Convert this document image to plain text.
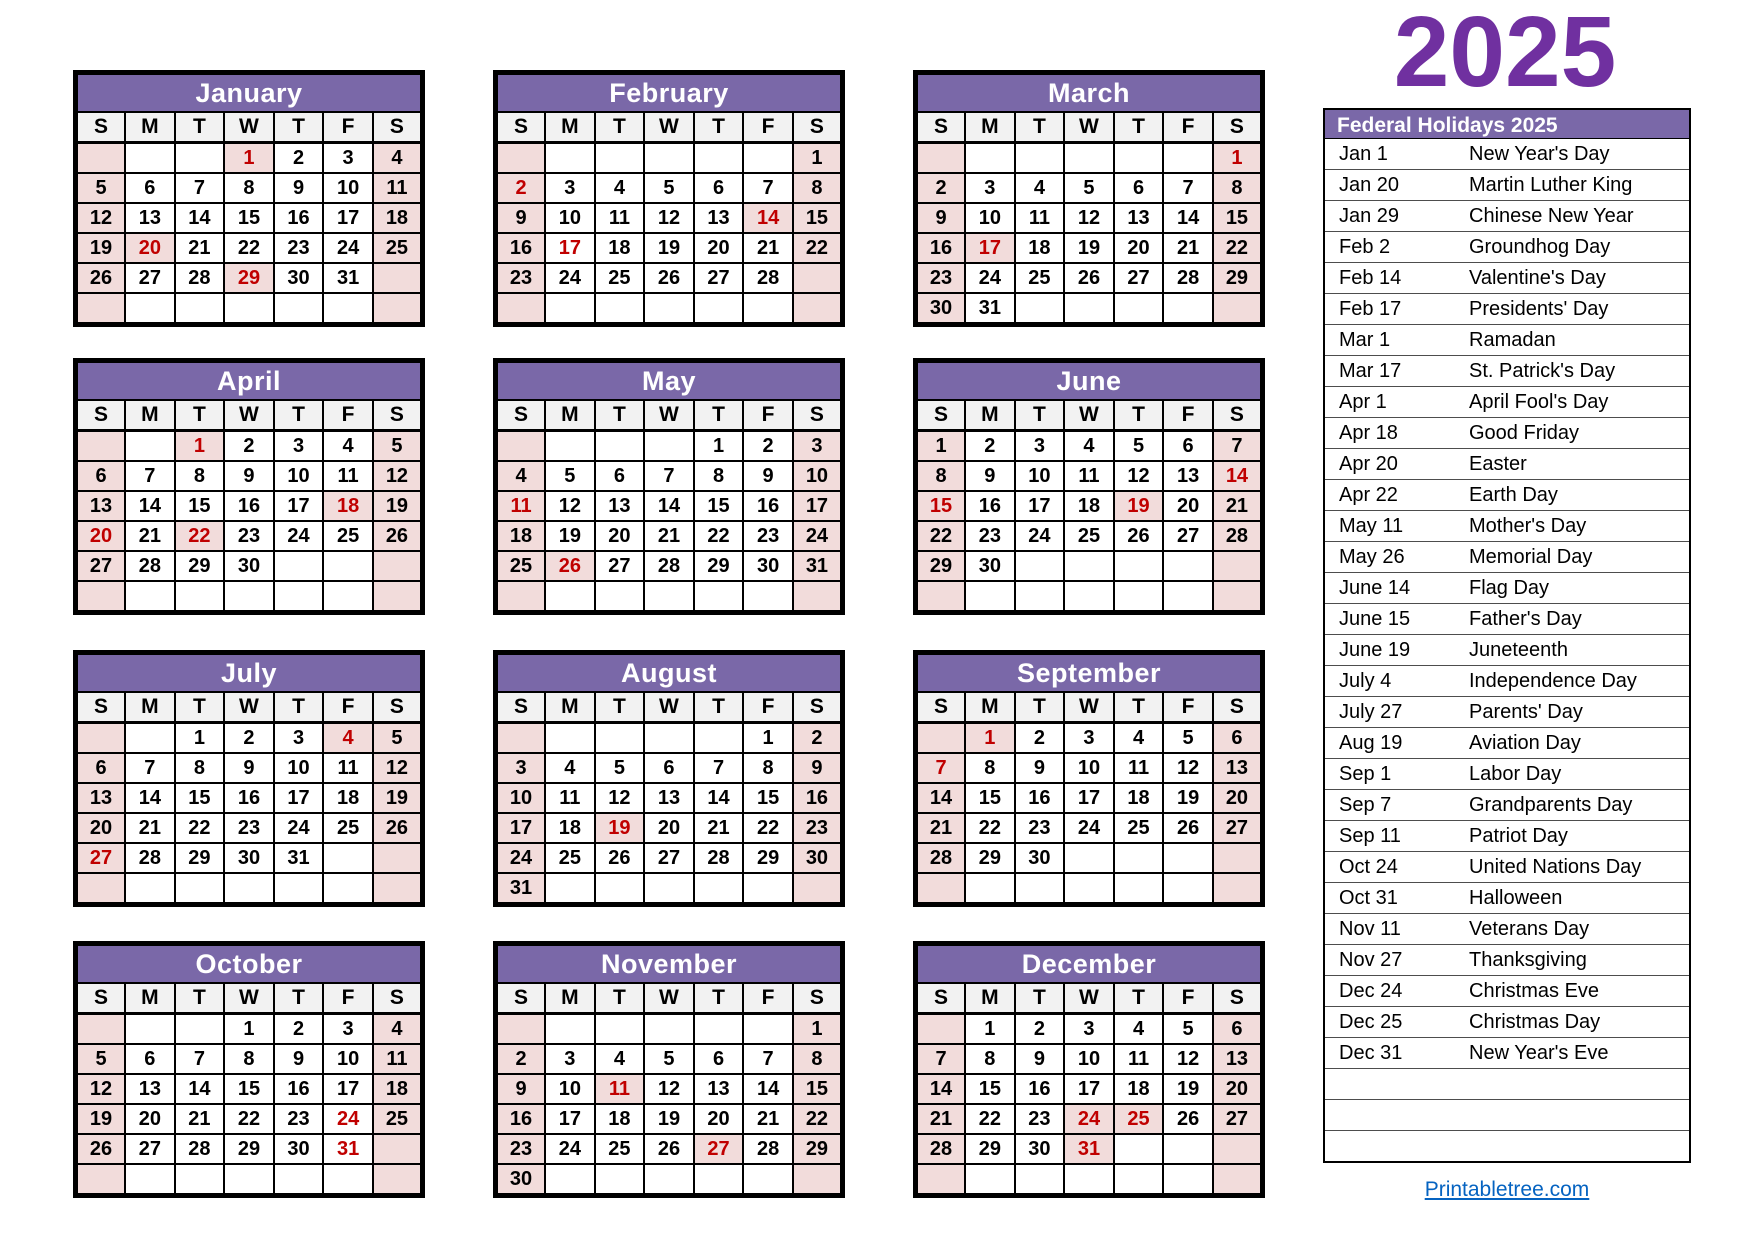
2025
January						
S	M	T	W	T	F	S
			1	2	3	4
5	6	7	8	9	10	11
12	13	14	15	16	17	18
19	20	21	22	23	24	25
26	27	28	29	30	31	

February						
S	M	T	W	T	F	S
						1
2	3	4	5	6	7	8
9	10	11	12	13	14	15
16	17	18	19	20	21	22
23	24	25	26	27	28	

March						
S	M	T	W	T	F	S
						1
2	3	4	5	6	7	8
9	10	11	12	13	14	15
16	17	18	19	20	21	22
23	24	25	26	27	28	29
30	31					
April						
S	M	T	W	T	F	S
		1	2	3	4	5
6	7	8	9	10	11	12
13	14	15	16	17	18	19
20	21	22	23	24	25	26
27	28	29	30			

May						
S	M	T	W	T	F	S
				1	2	3
4	5	6	7	8	9	10
11	12	13	14	15	16	17
18	19	20	21	22	23	24
25	26	27	28	29	30	31

June						
S	M	T	W	T	F	S
1	2	3	4	5	6	7
8	9	10	11	12	13	14
15	16	17	18	19	20	21
22	23	24	25	26	27	28
29	30					

July						
S	M	T	W	T	F	S
		1	2	3	4	5
6	7	8	9	10	11	12
13	14	15	16	17	18	19
20	21	22	23	24	25	26
27	28	29	30	31		

August						
S	M	T	W	T	F	S
					1	2
3	4	5	6	7	8	9
10	11	12	13	14	15	16
17	18	19	20	21	22	23
24	25	26	27	28	29	30
31						
September						
S	M	T	W	T	F	S
	1	2	3	4	5	6
7	8	9	10	11	12	13
14	15	16	17	18	19	20
21	22	23	24	25	26	27
28	29	30				

October						
S	M	T	W	T	F	S
			1	2	3	4
5	6	7	8	9	10	11
12	13	14	15	16	17	18
19	20	21	22	23	24	25
26	27	28	29	30	31	

November						
S	M	T	W	T	F	S
						1
2	3	4	5	6	7	8
9	10	11	12	13	14	15
16	17	18	19	20	21	22
23	24	25	26	27	28	29
30						
December						
S	M	T	W	T	F	S
	1	2	3	4	5	6
7	8	9	10	11	12	13
14	15	16	17	18	19	20
21	22	23	24	25	26	27
28	29	30	31			

Federal Holidays 2025
Jan 1	New Year's Day
Jan 20	Martin Luther King
Jan 29	Chinese New Year
Feb 2	Groundhog Day
Feb 14	Valentine's Day
Feb 17	Presidents' Day
Mar 1	Ramadan
Mar 17	St. Patrick's Day
Apr 1	April Fool's Day
Apr 18	Good Friday
Apr 20	Easter
Apr 22	Earth Day
May 11	Mother's Day
May 26	Memorial Day
June 14	Flag Day
June 15	Father's Day
June 19	Juneteenth
July 4	Independence Day
July 27	Parents' Day
Aug 19	Aviation Day
Sep 1	Labor Day
Sep 7	Grandparents Day
Sep 11	Patriot Day
Oct 24	United Nations Day
Oct 31	Halloween
Nov 11	Veterans Day
Nov 27	Thanksgiving
Dec 24	Christmas Eve
Dec 25	Christmas Day
Dec 31	New Year's Eve

Printabletree.com
